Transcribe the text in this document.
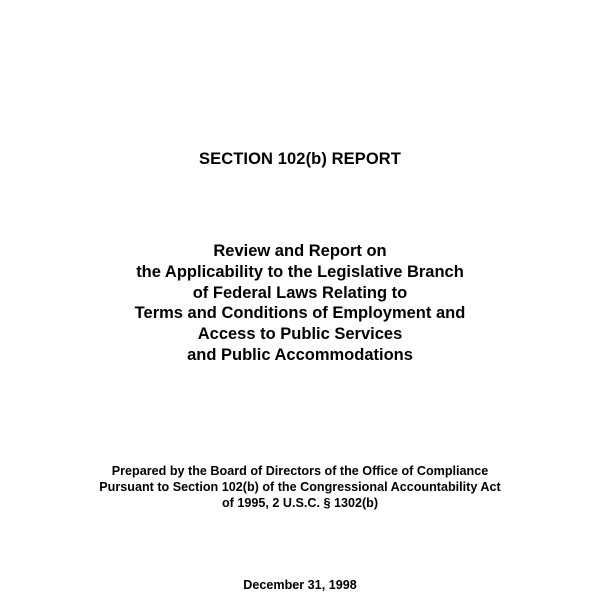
SECTION 102(b) REPORT
Review and Report on
the Applicability to the Legislative Branch
of Federal Laws Relating to
Terms and Conditions of Employment and
Access to Public Services
and Public Accommodations
Prepared by the Board of Directors of the Office of Compliance
Pursuant to Section 102(b) of the Congressional Accountability Act
of 1995, 2 U.S.C. § 1302(b)
December 31, 1998
